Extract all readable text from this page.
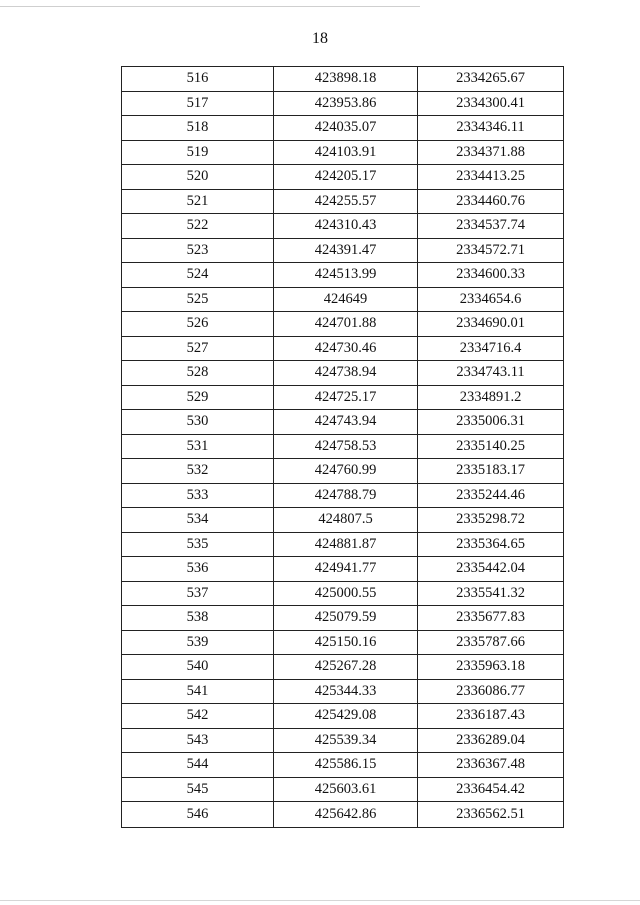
18
516	423898.18	2334265.67
517	423953.86	2334300.41
518	424035.07	2334346.11
519	424103.91	2334371.88
520	424205.17	2334413.25
521	424255.57	2334460.76
522	424310.43	2334537.74
523	424391.47	2334572.71
524	424513.99	2334600.33
525	424649	2334654.6
526	424701.88	2334690.01
527	424730.46	2334716.4
528	424738.94	2334743.11
529	424725.17	2334891.2
530	424743.94	2335006.31
531	424758.53	2335140.25
532	424760.99	2335183.17
533	424788.79	2335244.46
534	424807.5	2335298.72
535	424881.87	2335364.65
536	424941.77	2335442.04
537	425000.55	2335541.32
538	425079.59	2335677.83
539	425150.16	2335787.66
540	425267.28	2335963.18
541	425344.33	2336086.77
542	425429.08	2336187.43
543	425539.34	2336289.04
544	425586.15	2336367.48
545	425603.61	2336454.42
546	425642.86	2336562.51
